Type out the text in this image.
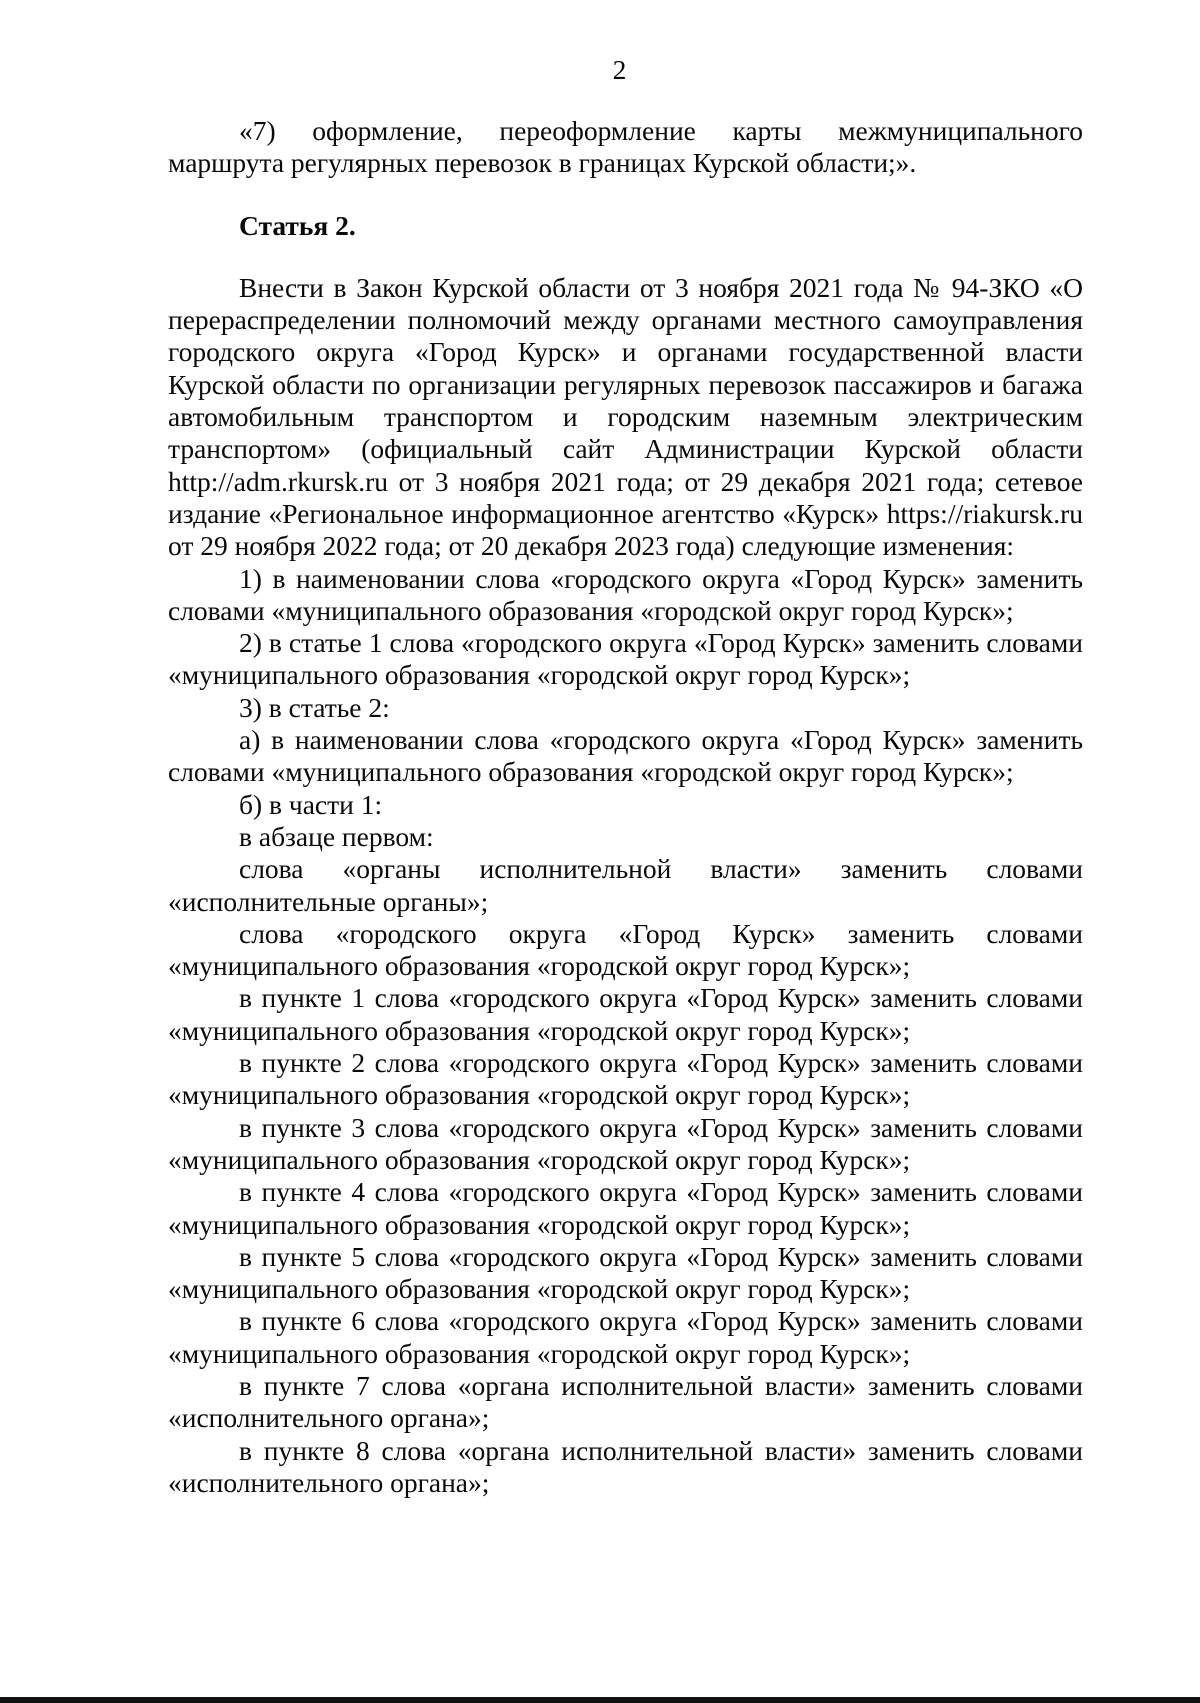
2

«7) оформление, переоформление карты межмуниципального маршрута регулярных перевозок в границах Курской области;».

Статья 2.

Внести в Закон Курской области от 3 ноября 2021 года № 94-ЗКО «О перераспределении полномочий между органами местного самоуправления городского округа «Город Курск» и органами государственной власти Курской области по организации регулярных перевозок пассажиров и багажа автомобильным транспортом и городским наземным электрическим транспортом» (официальный сайт Администрации Курской области http://adm.rkursk.ru от 3 ноября 2021 года; от 29 декабря 2021 года; сетевое издание «Региональное информационное агентство «Курск» https://riakursk.ru от 29 ноября 2022 года; от 20 декабря 2023 года) следующие изменения:

1) в наименовании слова «городского округа «Город Курск» заменить словами «муниципального образования «городской округ город Курск»;

2) в статье 1 слова «городского округа «Город Курск» заменить словами «муниципального образования «городской округ город Курск»;

3) в статье 2:

а) в наименовании слова «городского округа «Город Курск» заменить словами «муниципального образования «городской округ город Курск»;

б) в части 1:

в абзаце первом:

слова «органы исполнительной власти» заменить словами «исполнительные органы»;

слова «городского округа «Город Курск» заменить словами «муниципального образования «городской округ город Курск»;

в пункте 1 слова «городского округа «Город Курск» заменить словами «муниципального образования «городской округ город Курск»;

в пункте 2 слова «городского округа «Город Курск» заменить словами «муниципального образования «городской округ город Курск»;

в пункте 3 слова «городского округа «Город Курск» заменить словами «муниципального образования «городской округ город Курск»;

в пункте 4 слова «городского округа «Город Курск» заменить словами «муниципального образования «городской округ город Курск»;

в пункте 5 слова «городского округа «Город Курск» заменить словами «муниципального образования «городской округ город Курск»;

в пункте 6 слова «городского округа «Город Курск» заменить словами «муниципального образования «городской округ город Курск»;

в пункте 7 слова «органа исполнительной власти» заменить словами «исполнительного органа»;

в пункте 8 слова «органа исполнительной власти» заменить словами «исполнительного органа»;
